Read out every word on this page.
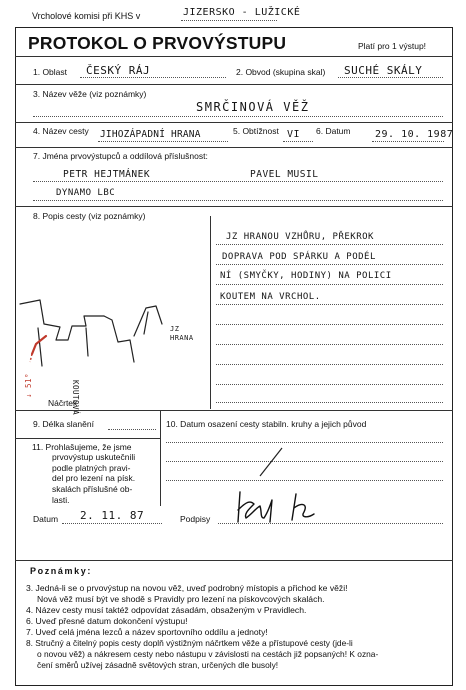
Vrcholové komisi při KHS v	JIZERSKO - LUŽICKÉ
PROTOKOL O PRVOVÝSTUPU	Platí pro 1 výstup!
1. Oblast ČESKÝ RÁJ	2. Obvod (skupina skal) SUCHÉ SKÁLY
3. Název věže (viz poznámky)
SMRČINOVÁ VĚŽ
4. Název cesty JIHOZÁPADNÍ HRANA	5. Obtížnost VI 6. Datum 29. 10. 1987
7. Jména prvovýstupců a oddílová příslušnost:
PETR HEJTMÁNEK	PAVEL MUSIL
DYNAMO LBC
8. Popis cesty (viz poznámky)
JZ HRANOU VZHŮRU, PŘEKROK
DOPRAVA POD SPÁRKU A PODÉL
NÍ (SMYČKY, HODINY) NA POLICI
KOUTEM NA VRCHOL.
JZ HRANA
KOUTOVÁ
↓ 51°
Náčrtek
9. Délka slanění	10. Datum osazení cesty stabiln. kruhy a jejich původ
11. Prohlašujeme, že jsme
prvovýstup uskutečnili
podle platných pravi-
del pro lezení na písk.
skalách příslušné ob-
lasti.
Datum 2. 11. 87	Podpisy
Poznámky:
3. Jedná-li se o prvovýstup na novou věž, uveď podrobný místopis a přichod ke věži!
Nová věž musí být ve shodě s Pravidly pro lezení na pískovcových skalách.
4. Název cesty musí taktéž odpovídat zásadám, obsaženým v Pravidlech.
6. Uveď přesné datum dokončení výstupu!
7. Uveď celá jména lezců a název sportovního oddílu a jednoty!
8. Stručný a čitelný popis cesty doplň výstižným náčrtkem věže a přístupové cesty (jde-li
o novou věž) a nákresem cesty nebo nástupu v závislosti na cestách již popsaných! K ozna-
čení směrů užívej zásadně světových stran, určených dle busoly!
